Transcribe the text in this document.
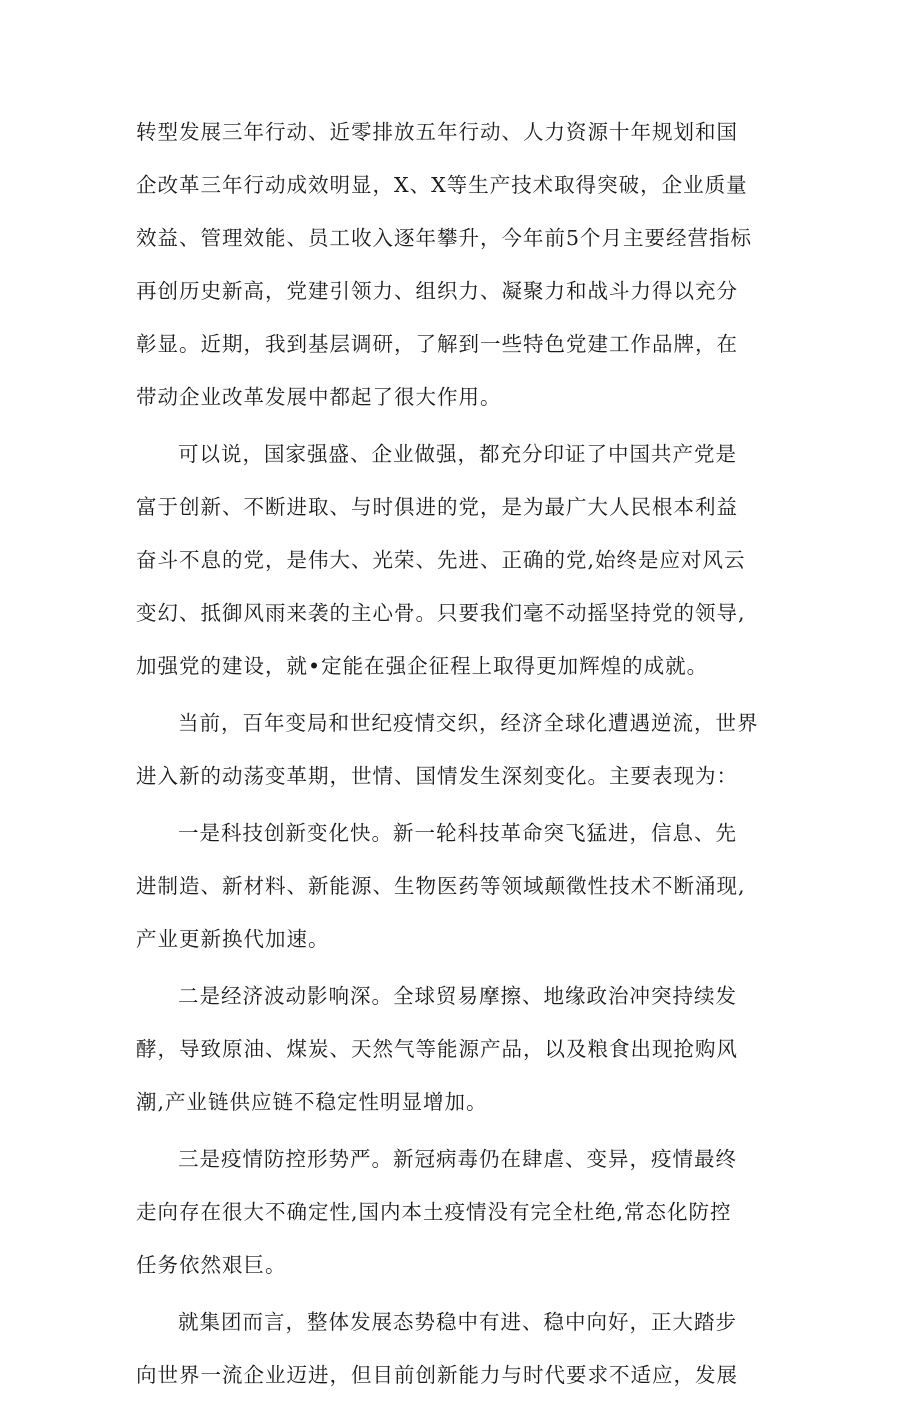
转型发展三年行动、近零排放五年行动、人力资源十年规划和国
企改革三年行动成效明显，X、X等生产技术取得突破，企业质量
效益、管理效能、员工收入逐年攀升，今年前5个月主要经营指标
再创历史新高，党建引领力、组织力、凝聚力和战斗力得以充分
彰显。近期，我到基层调研，了解到一些特色党建工作品牌，在
带动企业改革发展中都起了很大作用。
可以说，国家强盛、企业做强，都充分印证了中国共产党是
富于创新、不断进取、与时俱进的党，是为最广大人民根本利益
奋斗不息的党，是伟大、光荣、先进、正确的党,始终是应对风云
变幻、抵御风雨来袭的主心骨。只要我们毫不动摇坚持党的领导,
加强党的建设，就•定能在强企征程上取得更加辉煌的成就。
当前，百年变局和世纪疫情交织，经济全球化遭遇逆流，世界
进入新的动荡变革期，世情、国情发生深刻变化。主要表现为：
一是科技创新变化快。新一轮科技革命突飞猛进，信息、先
进制造、新材料、新能源、生物医药等领域颠徵性技术不断涌现,
产业更新换代加速。
二是经济波动影响深。全球贸易摩擦、地缘政治冲突持续发
酵，导致原油、煤炭、天然气等能源产品，以及粮食出现抢购风
潮,产业链供应链不稳定性明显增加。
三是疫情防控形势严。新冠病毒仍在肆虐、变异，疫情最终
走向存在很大不确定性,国内本土疫情没有完全杜绝,常态化防控
任务依然艰巨。
就集团而言，整体发展态势稳中有进、稳中向好，正大踏步
向世界一流企业迈进，但目前创新能力与时代要求不适应，发展
